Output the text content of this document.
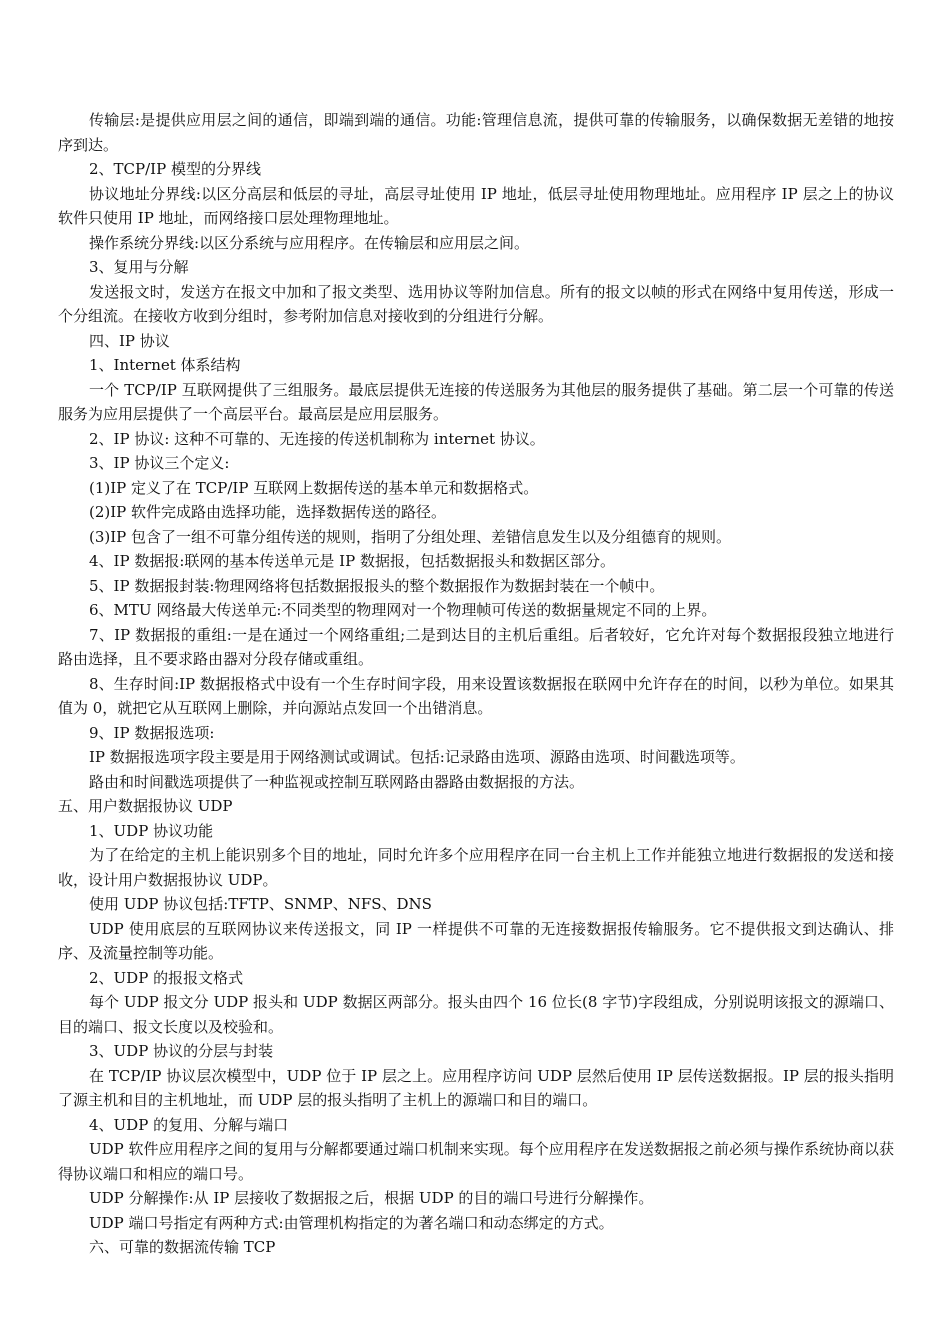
传输层:是提供应用层之间的通信，即端到端的通信。功能:管理信息流，提供可靠的传输服务，以确保数据无差错的地按序到达。

2、TCP/IP 模型的分界线

协议地址分界线:以区分高层和低层的寻址，高层寻址使用 IP 地址，低层寻址使用物理地址。应用程序 IP 层之上的协议软件只使用 IP 地址，而网络接口层处理物理地址。

操作系统分界线:以区分系统与应用程序。在传输层和应用层之间。

3、复用与分解

发送报文时，发送方在报文中加和了报文类型、选用协议等附加信息。所有的报文以帧的形式在网络中复用传送，形成一个分组流。在接收方收到分组时，参考附加信息对接收到的分组进行分解。

四、IP 协议

1、Internet 体系结构

一个 TCP/IP 互联网提供了三组服务。最底层提供无连接的传送服务为其他层的服务提供了基础。第二层一个可靠的传送服务为应用层提供了一个高层平台。最高层是应用层服务。

2、IP 协议: 这种不可靠的、无连接的传送机制称为 internet 协议。

3、IP 协议三个定义:

(1)IP 定义了在 TCP/IP 互联网上数据传送的基本单元和数据格式。

(2)IP 软件完成路由选择功能，选择数据传送的路径。

(3)IP 包含了一组不可靠分组传送的规则，指明了分组处理、差错信息发生以及分组德育的规则。

4、IP 数据报:联网的基本传送单元是 IP 数据报，包括数据报头和数据区部分。

5、IP 数据报封装:物理网络将包括数据报报头的整个数据报作为数据封装在一个帧中。

6、MTU 网络最大传送单元:不同类型的物理网对一个物理帧可传送的数据量规定不同的上界。

7、IP 数据报的重组:一是在通过一个网络重组;二是到达目的主机后重组。后者较好，它允许对每个数据报段独立地进行路由选择，且不要求路由器对分段存储或重组。

8、生存时间:IP 数据报格式中设有一个生存时间字段，用来设置该数据报在联网中允许存在的时间，以秒为单位。如果其值为 0，就把它从互联网上删除，并向源站点发回一个出错消息。

9、IP 数据报选项:

IP 数据报选项字段主要是用于网络测试或调试。包括:记录路由选项、源路由选项、时间戳选项等。

路由和时间戳选项提供了一种监视或控制互联网路由器路由数据报的方法。

五、用户数据报协议 UDP

1、UDP 协议功能

为了在给定的主机上能识别多个目的地址，同时允许多个应用程序在同一台主机上工作并能独立地进行数据报的发送和接收，设计用户数据报协议 UDP。

使用 UDP 协议包括:TFTP、SNMP、NFS、DNS

UDP 使用底层的互联网协议来传送报文，同 IP 一样提供不可靠的无连接数据报传输服务。它不提供报文到达确认、排序、及流量控制等功能。

2、UDP 的报报文格式

每个 UDP 报文分 UDP 报头和 UDP 数据区两部分。报头由四个 16 位长(8 字节)字段组成，分别说明该报文的源端口、目的端口、报文长度以及校验和。

3、UDP 协议的分层与封装

在 TCP/IP 协议层次模型中，UDP 位于 IP 层之上。应用程序访问 UDP 层然后使用 IP 层传送数据报。IP 层的报头指明了源主机和目的主机地址，而 UDP 层的报头指明了主机上的源端口和目的端口。

4、UDP 的复用、分解与端口

UDP 软件应用程序之间的复用与分解都要通过端口机制来实现。每个应用程序在发送数据报之前必须与操作系统协商以获得协议端口和相应的端口号。

UDP 分解操作:从 IP 层接收了数据报之后，根据 UDP 的目的端口号进行分解操作。

UDP 端口号指定有两种方式:由管理机构指定的为著名端口和动态绑定的方式。

六、可靠的数据流传输 TCP
